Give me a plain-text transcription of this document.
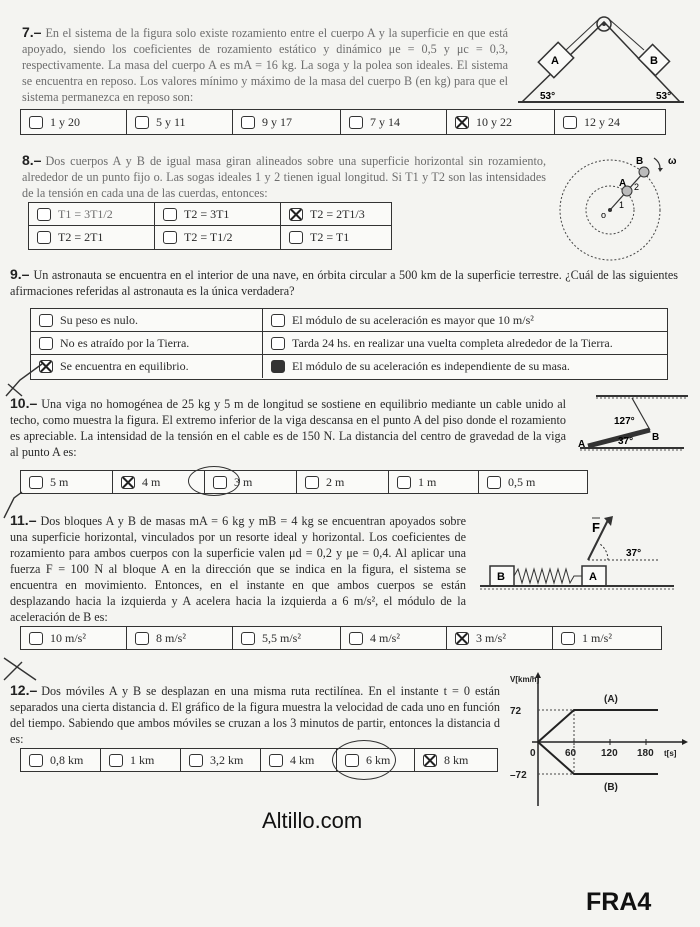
7.– En el sistema de la figura solo existe rozamiento entre el cuerpo A y la superficie en que está apoyado, siendo los coeficientes de rozamiento estático y dinámico μe = 0,5 y μc = 0,3, respectivamente. La masa del cuerpo A es mA = 16 kg. La soga y la polea son ideales. El sistema se encuentra en reposo. Los valores mínimo y máximo de la masa del cuerpo B (en kg) para que el sistema permanezca en reposo son:
A	B
53°	53°
1 y 20	5 y 11	9 y 17	7 y 14	10 y 22	12 y 24
8.– Dos cuerpos A y B de igual masa giran alineados sobre una superficie horizontal sin rozamiento, alrededor de un punto fijo o. Las sogas ideales 1 y 2 tienen igual longitud. Si T1 y T2 son las intensidades de la tensión en cada una de las cuerdas, entonces:
B
A 2
1
o
ω
T1 = 3T1/2	T2 = 3T1	T2 = 2T1/3
T2 = 2T1	T2 = T1/2	T2 = T1
9.– Un astronauta se encuentra en el interior de una nave, en órbita circular a 500 km de la superficie terrestre. ¿Cuál de las siguientes afirmaciones referidas al astronauta es la única verdadera?
Su peso es nulo.	El módulo de su aceleración es mayor que 10 m/s²
No es atraído por la Tierra.	Tarda 24 hs. en realizar una vuelta completa alrededor de la Tierra.
Se encuentra en equilibrio.	El módulo de su aceleración es independiente de su masa.
10.– Una viga no homogénea de 25 kg y 5 m de longitud se sostiene en equilibrio mediante un cable unido al techo, como muestra la figura. El extremo inferior de la viga descansa en el punto A del piso donde el rozamiento es apreciable. La intensidad de la tensión en el cable es de 150 N. La distancia del centro de gravedad de la viga al punto A es:
127°
B
A	37°
5 m	4 m	3 m	2 m	1 m	0,5 m
11.– Dos bloques A y B de masas mA = 6 kg y mB = 4 kg se encuentran apoyados sobre una superficie horizontal, vinculados por un resorte ideal y horizontal. Los coeficientes de rozamiento para ambos cuerpos con la superficie valen μd = 0,2 y μe = 0,4. Al aplicar una fuerza F = 100 N al bloque A en la dirección que se indica en la figura, el sistema se encuentra en movimiento. Entonces, en el instante en que ambos cuerpos se están desplazando hacia la izquierda y A acelera hacia la izquierda a 6 m/s², el módulo de la aceleración de B es:
F
37°
B	A
10 m/s²	8 m/s²	5,5 m/s²	4 m/s²	3 m/s²	1 m/s²
12.– Dos móviles A y B se desplazan en una misma ruta rectilínea. En el instante t = 0 están separados una cierta distancia d. El gráfico de la figura muestra la velocidad de cada uno en función del tiempo. Sabiendo que ambos móviles se cruzan a los 3 minutos de partir, entonces la distancia d es:
V[km/h]
t[s]
0	60 120 180
72
–72
(A)
(B)
0,8 km	1 km	3,2 km	4 km	6 km	8 km
Altillo.com
FRA4
